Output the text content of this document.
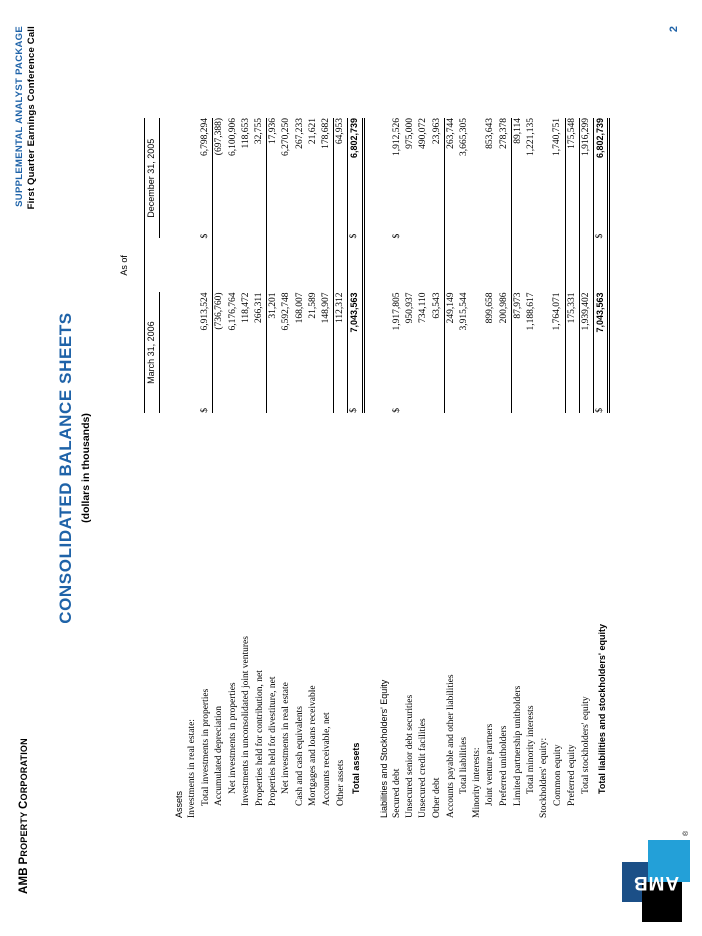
AMB PROPERTY CORPORATION
SUPPLEMENTAL ANALYST PACKAGE First Quarter Earnings Conference Call	2
CONSOLIDATED BALANCE SHEETS (dollars in thousands)
AMB
®
	As of				

	March 31, 2006			December 31, 2005	

Assets					
Investments in real estate:					
Total investments in properties	$	6,913,524		$	6,798,294
Accumulated depreciation		(736,760)			(697,388)
Net investments in properties		6,176,764			6,100,906
Investments in unconsolidated joint ventures		118,472			118,653
Properties held for contribution, net		266,311			32,755
Properties held for divestiture, net		31,201			17,936
Net investments in real estate		6,592,748			6,270,250
Cash and cash equivalents		168,007			267,233
Mortgages and loans receivable		21,589			21,621
Accounts receivable, net		148,907			178,682
Other assets		112,312			64,953
Total assets	$	7,043,563		$	6,802,739

Liabilities and Stockholders' Equity					
Secured debt	$	1,917,805		$	1,912,526
Unsecured senior debt securities		950,937			975,000
Unsecured credit facilities		734,110			490,072
Other debt		63,543			23,963
Accounts payable and other liabilities		249,149			263,744
Total liabilities		3,915,544			3,665,305
Minority interests:					
Joint venture partners		899,658			853,643
Preferred unitholders		200,986			278,378
Limited partnership unitholders		87,973			89,114
Total minority interests		1,188,617			1,221,135
Stockholders' equity:					
Common equity		1,764,071			1,740,751
Preferred equity		175,331			175,548
Total stockholders' equity		1,939,402			1,916,299
Total liabilities and stockholders' equity	$	7,043,563		$	6,802,739
